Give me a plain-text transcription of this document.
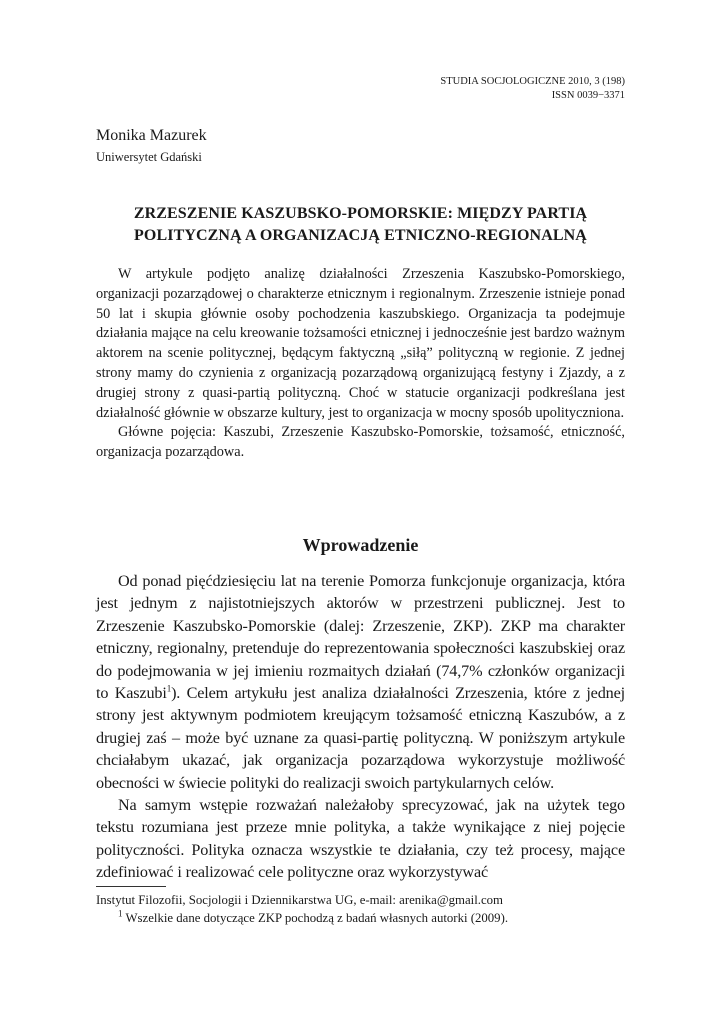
STUDIA SOCJOLOGICZNE 2010, 3 (198)
ISSN 0039−3371
Monika Mazurek
Uniwersytet Gdański
ZRZESZENIE KASZUBSKO-POMORSKIE: MIĘDZY PARTIĄ
POLITYCZNĄ A ORGANIZACJĄ ETNICZNO-REGIONALNĄ

W artykule podjęto analizę działalności Zrzeszenia Kaszubsko-Pomorskiego, organizacji pozarządowej o charakterze etnicznym i regionalnym. Zrzeszenie istnieje ponad 50 lat i skupia głównie osoby pochodzenia kaszubskiego. Organizacja ta podejmuje działania mające na celu kreowanie tożsamości etnicznej i jednocześnie jest bardzo ważnym aktorem na scenie politycznej, będącym faktyczną „siłą” polityczną w regionie. Z jednej strony mamy do czynienia z organizacją pozarządową organizującą festyny i Zjazdy, a z drugiej strony z quasi-partią polityczną. Choć w statucie organizacji podkreślana jest działalność głównie w obszarze kultury, jest to organizacja w mocny sposób upolityczniona.

Główne pojęcia: Kaszubi, Zrzeszenie Kaszubsko-Pomorskie, tożsamość, etniczność, organizacja pozarządowa.

Wprowadzenie

Od ponad pięćdziesięciu lat na terenie Pomorza funkcjonuje organizacja, która jest jednym z najistotniejszych aktorów w przestrzeni publicznej. Jest to Zrzeszenie Kaszubsko-Pomorskie (dalej: Zrzeszenie, ZKP). ZKP ma charakter etniczny, regionalny, pretenduje do reprezentowania społeczności kaszubskiej oraz do podejmowania w jej imieniu rozmaitych działań (74,7% członków organizacji to Kaszubi$^1$). Celem artykułu jest analiza działalności Zrzeszenia, które z jednej strony jest aktywnym podmiotem kreującym tożsamość etniczną Kaszubów, a z drugiej zaś – może być uznane za quasi-partię polityczną. W poniższym artykule chciałabym ukazać, jak organizacja pozarządowa wykorzystuje możliwość obecności w świecie polityki do realizacji swoich partykularnych celów.

Na samym wstępie rozważań należałoby sprecyzować, jak na użytek tego tekstu rozumiana jest przeze mnie polityka, a także wynikające z niej pojęcie polityczności. Polityka oznacza wszystkie te działania, czy też procesy, mające zdefiniować i realizować cele polityczne oraz wykorzystywać

Instytut Filozofii, Socjologii i Dziennikarstwa UG, e-mail: arenika@gmail.com
$^1$ Wszelkie dane dotyczące ZKP pochodzą z badań własnych autorki (2009).
